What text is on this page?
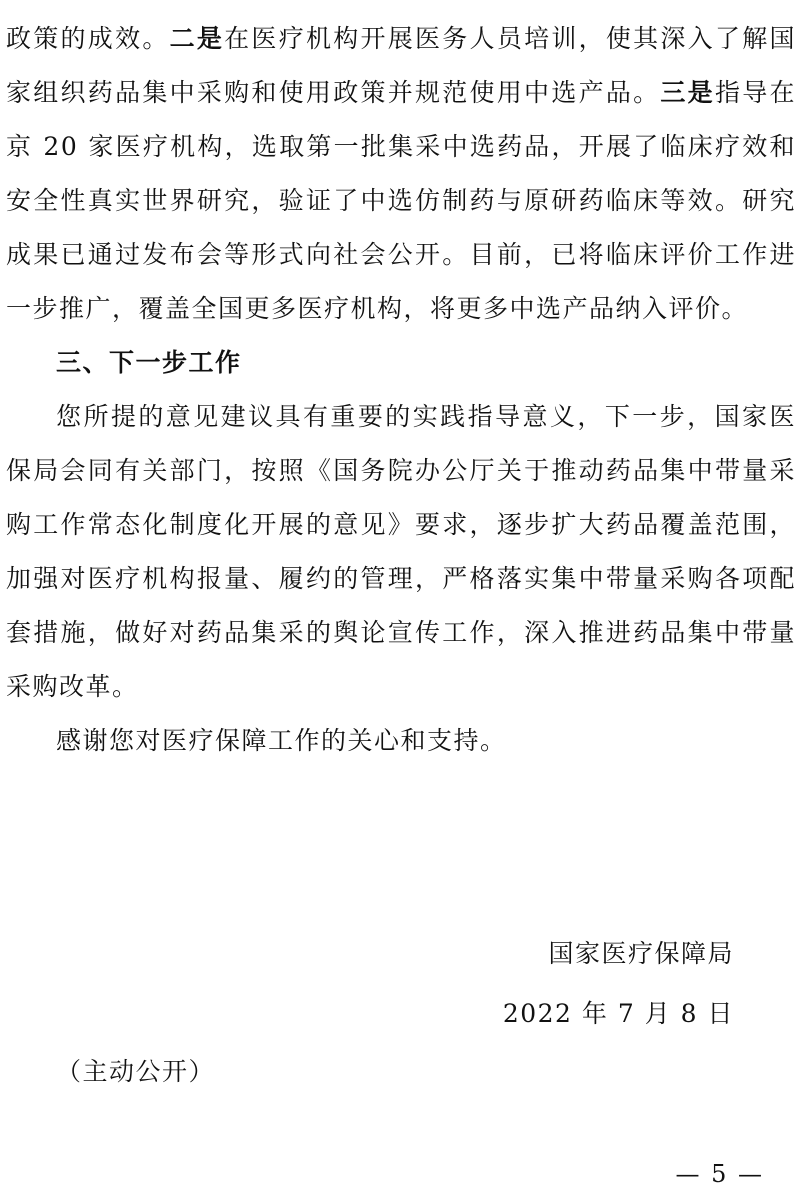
政策的成效。二是在医疗机构开展医务人员培训，使其深入了解国家组织药品集中采购和使用政策并规范使用中选产品。三是指导在京 20 家医疗机构，选取第一批集采中选药品，开展了临床疗效和安全性真实世界研究，验证了中选仿制药与原研药临床等效。研究成果已通过发布会等形式向社会公开。目前，已将临床评价工作进一步推广，覆盖全国更多医疗机构，将更多中选产品纳入评价。

三、下一步工作

您所提的意见建议具有重要的实践指导意义，下一步，国家医保局会同有关部门，按照《国务院办公厅关于推动药品集中带量采购工作常态化制度化开展的意见》要求，逐步扩大药品覆盖范围，加强对医疗机构报量、履约的管理，严格落实集中带量采购各项配套措施，做好对药品集采的舆论宣传工作，深入推进药品集中带量采购改革。

感谢您对医疗保障工作的关心和支持。

国家医疗保障局

2022 年 7 月 8 日

（主动公开）

— 5 —
